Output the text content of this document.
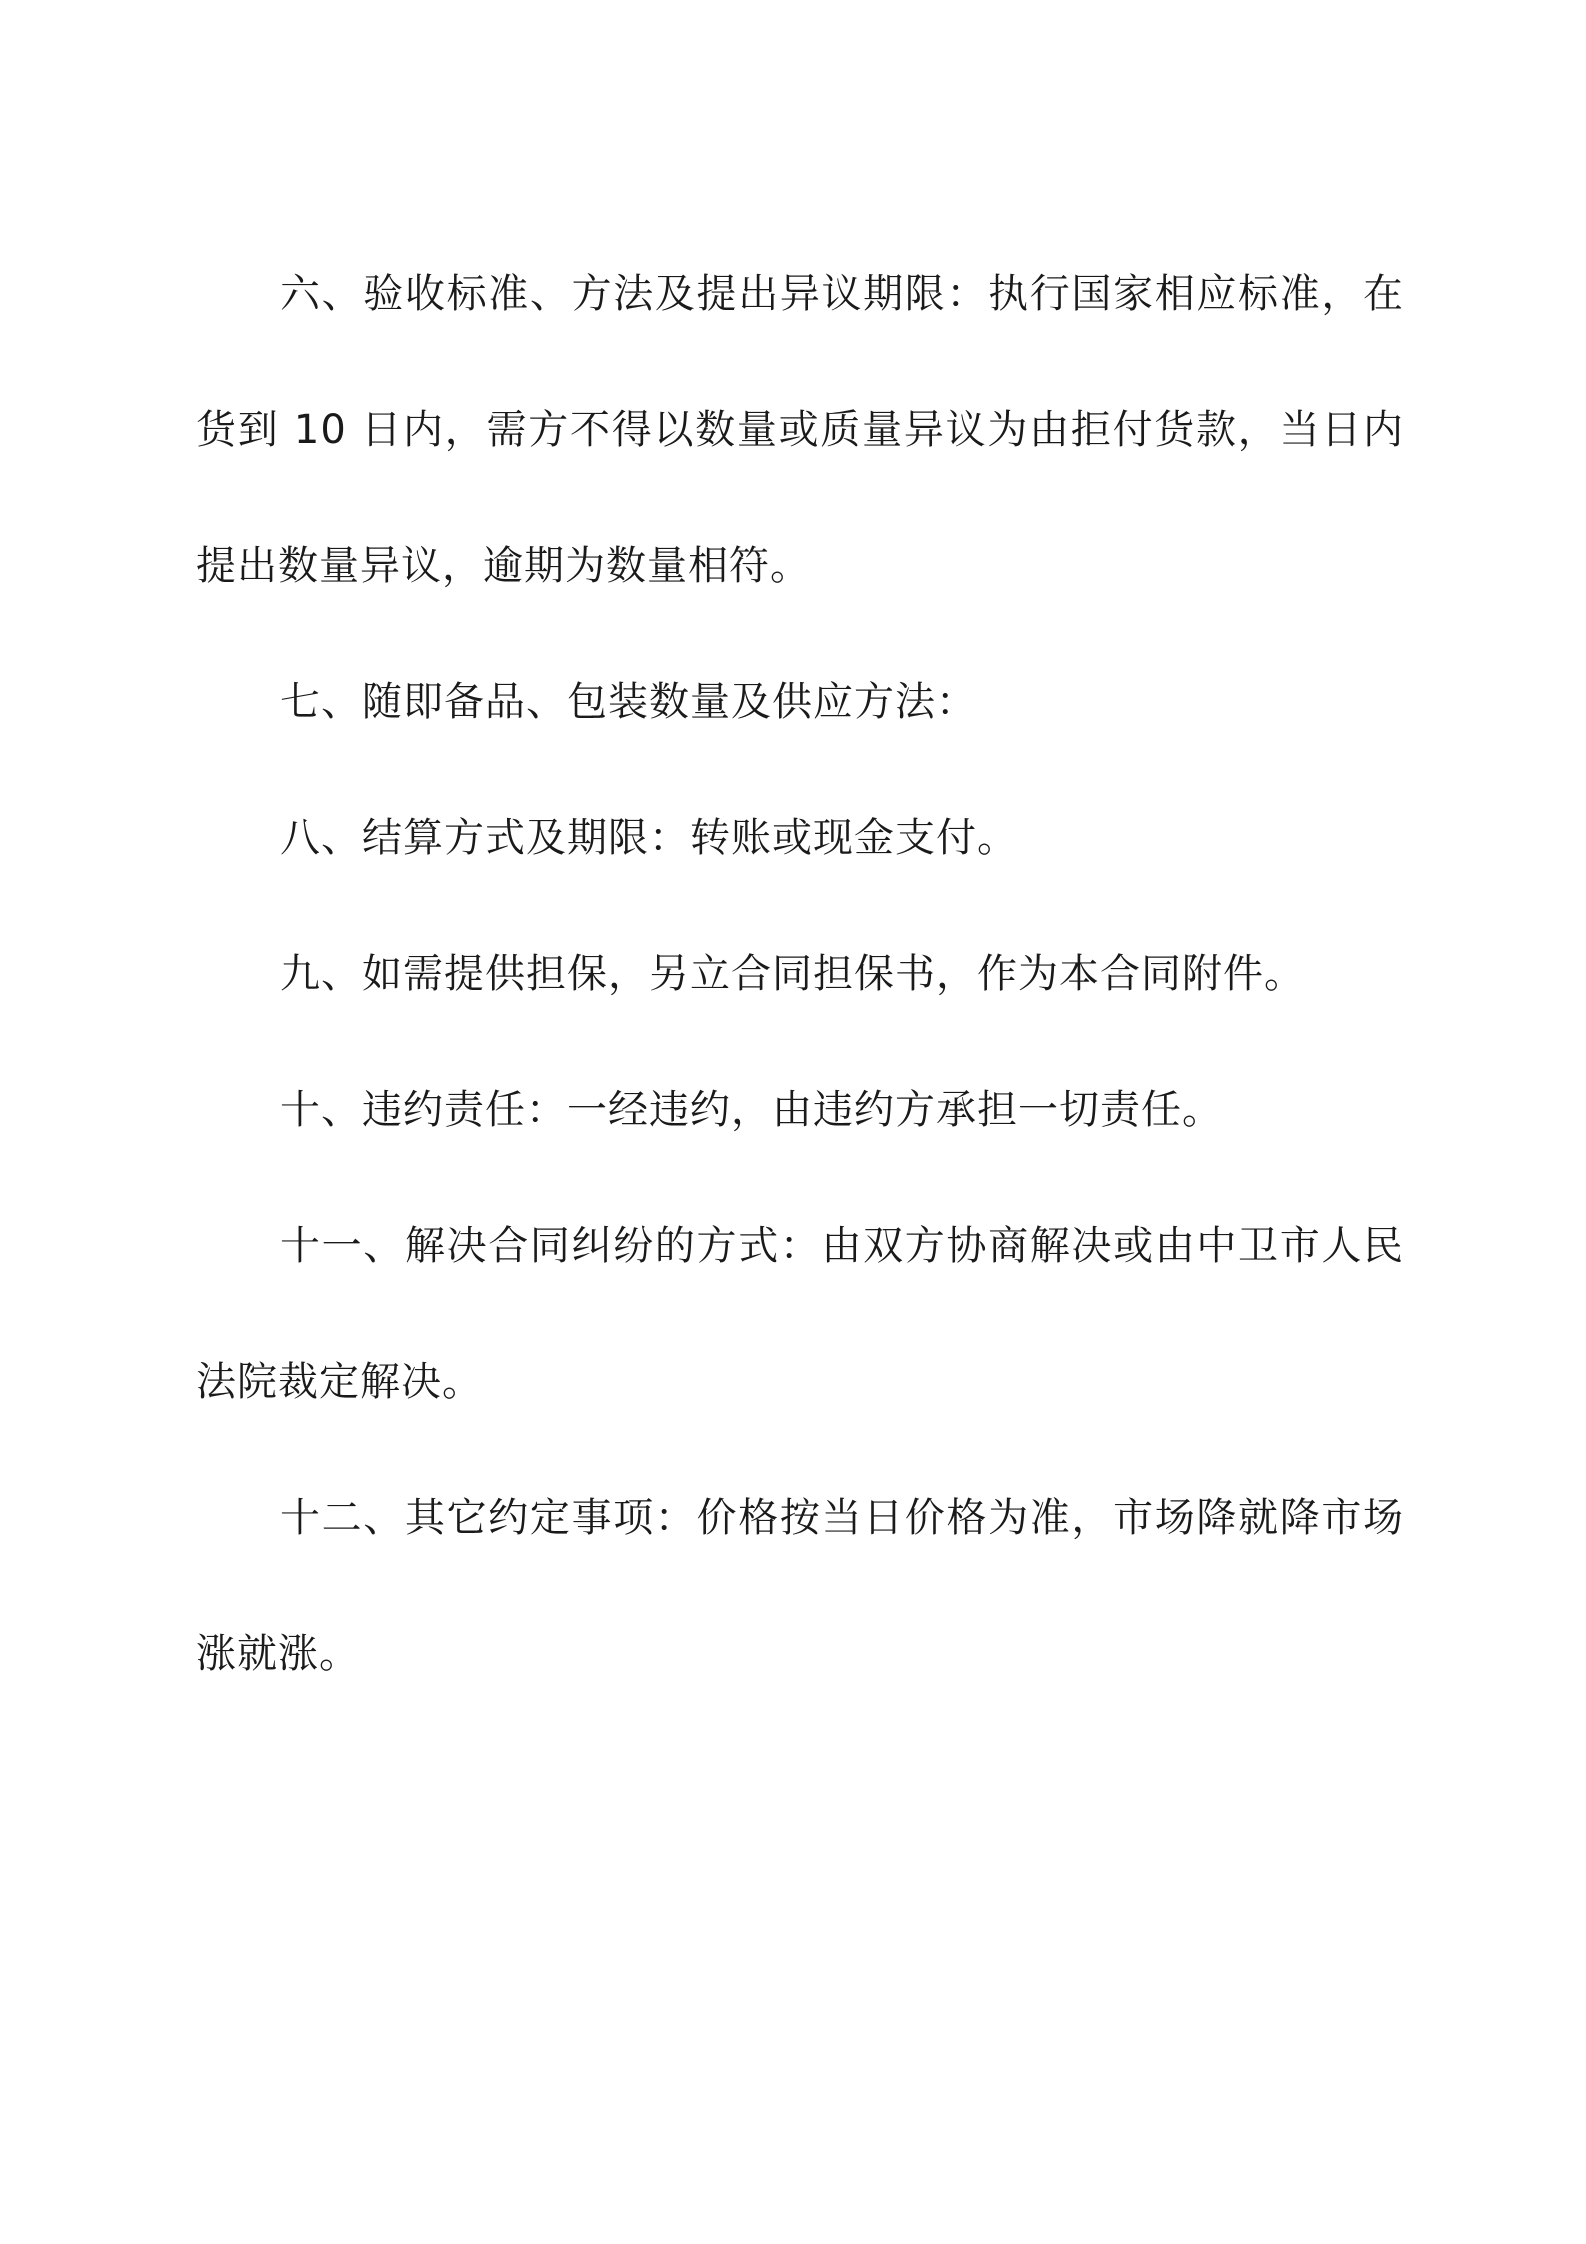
六、验收标准、方法及提出异议期限：执行国家相应标准，在货到 10 日内，需方不得以数量或质量异议为由拒付货款，当日内提出数量异议，逾期为数量相符。

七、随即备品、包装数量及供应方法：

八、结算方式及期限：转账或现金支付。

九、如需提供担保，另立合同担保书，作为本合同附件。

十、违约责任：一经违约，由违约方承担一切责任。

十一、解决合同纠纷的方式：由双方协商解决或由中卫市人民法院裁定解决。

十二、其它约定事项：价格按当日价格为准，市场降就降市场涨就涨。
